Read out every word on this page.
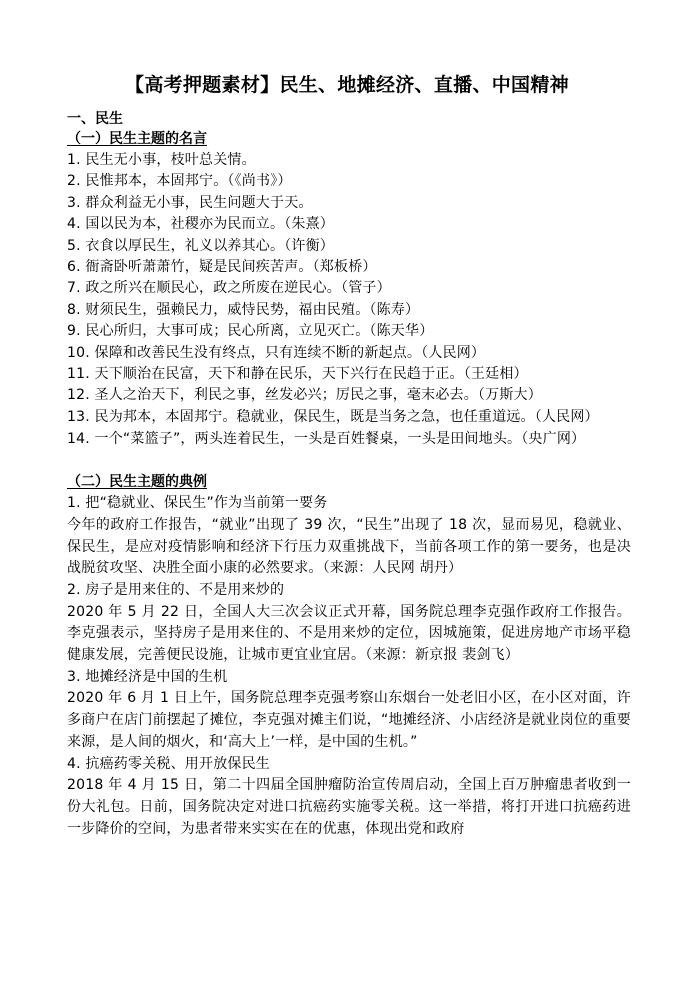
【高考押题素材】民生、地摊经济、直播、中国精神
一、民生
（一）民生主题的名言
1. 民生无小事，枝叶总关情。
2. 民惟邦本，本固邦宁。（《尚书》）
3. 群众利益无小事，民生问题大于天。
4. 国以民为本，社稷亦为民而立。（朱熹）
5. 衣食以厚民生，礼义以养其心。（许衡）
6. 衙斋卧听萧萧竹，疑是民间疾苦声。（郑板桥）
7. 政之所兴在顺民心，政之所废在逆民心。（管子）
8. 财须民生，强赖民力，威恃民势，福由民殖。（陈寿）
9. 民心所归，大事可成；民心所离，立见灭亡。（陈天华）
10. 保障和改善民生没有终点，只有连续不断的新起点。（人民网）
11. 天下顺治在民富，天下和静在民乐，天下兴行在民趋于正。（王廷相）
12. 圣人之治天下，利民之事，丝发必兴；厉民之事，毫末必去。（万斯大）
13. 民为邦本，本固邦宁。稳就业，保民生，既是当务之急，也任重道远。（人民网）
14. 一个“菜篮子”，两头连着民生，一头是百姓餐桌，一头是田间地头。（央广网）
（二）民生主题的典例
1. 把“稳就业、保民生”作为当前第一要务
今年的政府工作报告，“就业”出现了 39 次，“民生”出现了 18 次，显而易见，稳就业、保民生，是应对疫情影响和经济下行压力双重挑战下，当前各项工作的第一要务，也是决战脱贫攻坚、决胜全面小康的必然要求。（来源：人民网 胡丹）
2. 房子是用来住的、不是用来炒的
2020 年 5 月 22 日，全国人大三次会议正式开幕，国务院总理李克强作政府工作报告。李克强表示，坚持房子是用来住的、不是用来炒的定位，因城施策，促进房地产市场平稳健康发展，完善便民设施，让城市更宜业宜居。（来源：新京报 裴剑飞）
3. 地摊经济是中国的生机
2020 年 6 月 1 日上午，国务院总理李克强考察山东烟台一处老旧小区，在小区对面，许多商户在店门前摆起了摊位，李克强对摊主们说，“地摊经济、小店经济是就业岗位的重要来源，是人间的烟火，和‘高大上’一样，是中国的生机。”
4. 抗癌药零关税、用开放保民生
2018 年 4 月 15 日，第二十四届全国肿瘤防治宣传周启动，全国上百万肿瘤患者收到一份大礼包。日前，国务院决定对进口抗癌药实施零关税。这一举措，将打开进口抗癌药进一步降价的空间，为患者带来实实在在的优惠，体现出党和政府
